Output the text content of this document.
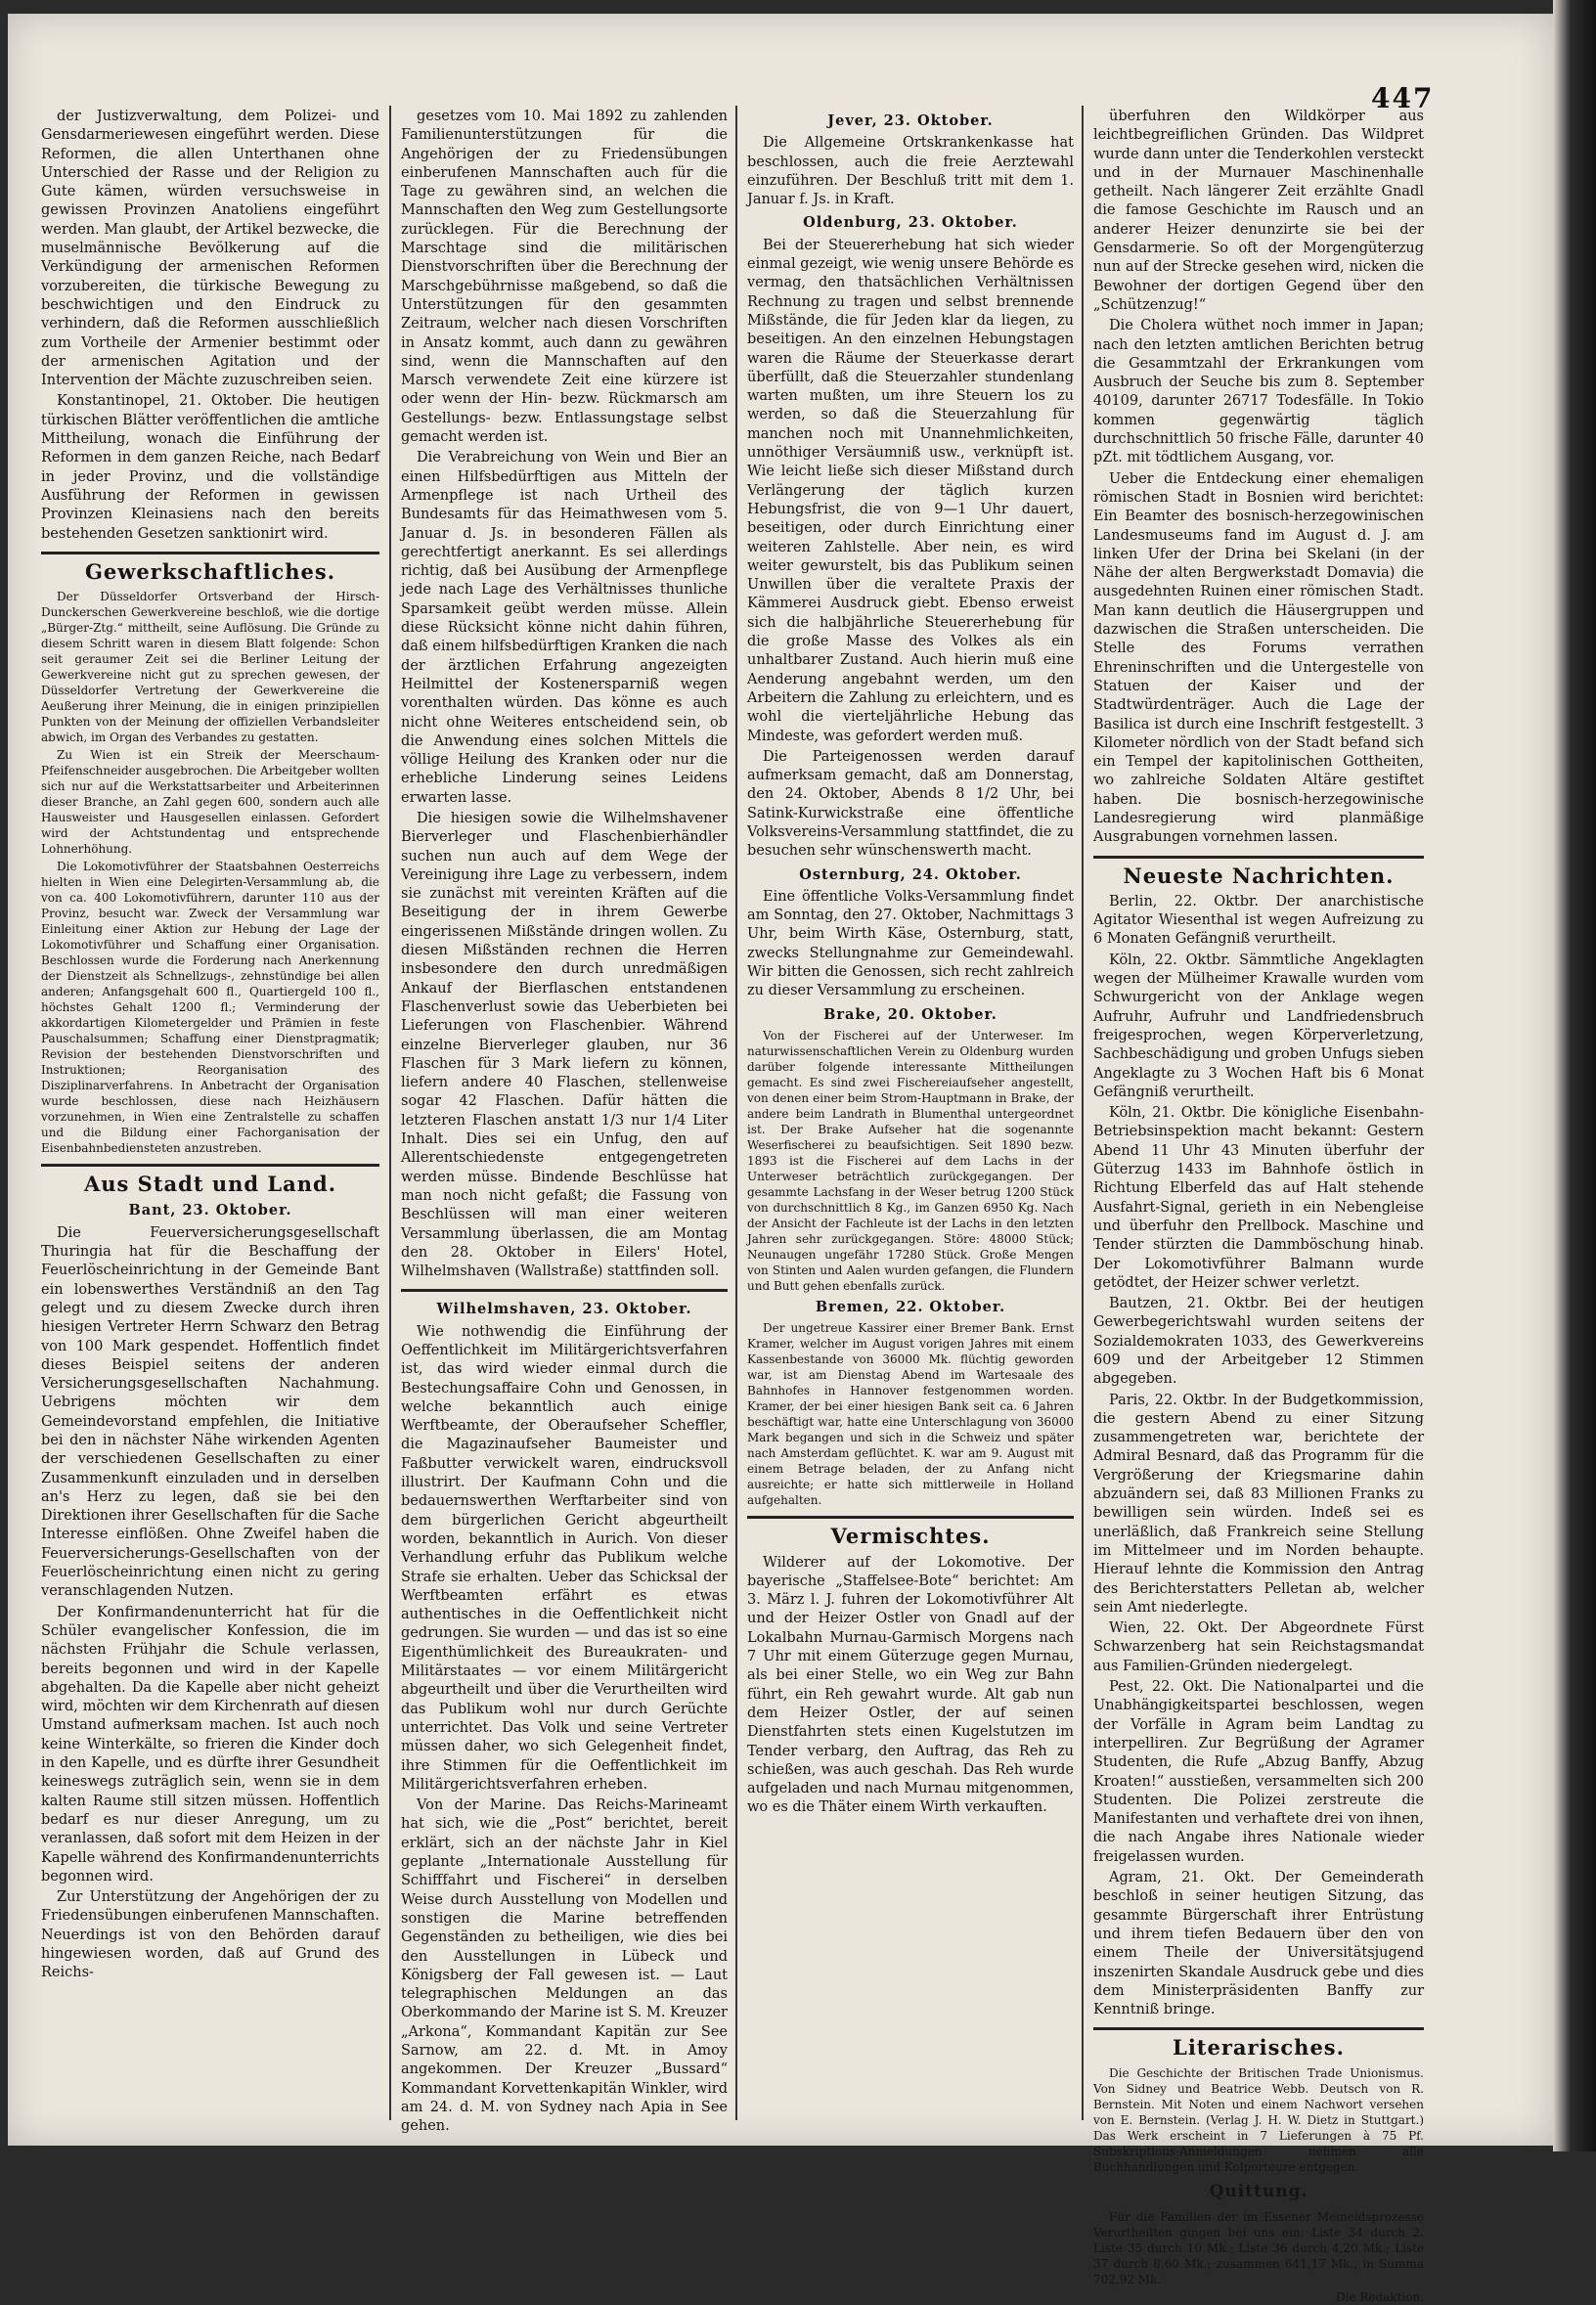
447

der Justizverwaltung, dem Polizei- und Gensdarmeriewesen eingeführt werden. Diese Reformen, die allen Unterthanen ohne Unterschied der Rasse und der Religion zu Gute kämen, würden versuchsweise in gewissen Provinzen Anatoliens eingeführt werden. Man glaubt, der Artikel bezwecke, die muselmännische Bevölkerung auf die Verkündigung der armenischen Reformen vorzubereiten, die türkische Bewegung zu beschwichtigen und den Eindruck zu verhindern, daß die Reformen ausschließlich zum Vortheile der Armenier bestimmt oder der armenischen Agitation und der Intervention der Mächte zuzuschreiben seien.

Konstantinopel, 21. Oktober. Die heutigen türkischen Blätter veröffentlichen die amtliche Mittheilung, wonach die Einführung der Reformen in dem ganzen Reiche, nach Bedarf in jeder Provinz, und die vollständige Ausführung der Reformen in gewissen Provinzen Kleinasiens nach den bereits bestehenden Gesetzen sanktionirt wird.

Gewerkschaftliches.

Der Düsseldorfer Ortsverband der Hirsch-Dunckerschen Gewerkvereine beschloß, wie die dortige „Bürger-Ztg.“ mittheilt, seine Auflösung. Die Gründe zu diesem Schritt waren in diesem Blatt folgende: Schon seit geraumer Zeit sei die Berliner Leitung der Gewerkvereine nicht gut zu sprechen gewesen, der Düsseldorfer Vertretung der Gewerkvereine die Aeußerung ihrer Meinung, die in einigen prinzipiellen Punkten von der Meinung der offiziellen Verbandsleiter abwich, im Organ des Verbandes zu gestatten.

Zu Wien ist ein Streik der Meerschaum-Pfeifenschneider ausgebrochen. Die Arbeitgeber wollten sich nur auf die Werkstattsarbeiter und Arbeiterinnen dieser Branche, an Zahl gegen 600, sondern auch alle Hausweister und Hausgesellen einlassen. Gefordert wird der Achtstundentag und entsprechende Lohnerhöhung.

Die Lokomotivführer der Staatsbahnen Oesterreichs hielten in Wien eine Delegirten-Versammlung ab, die von ca. 400 Lokomotivführern, darunter 110 aus der Provinz, besucht war. Zweck der Versammlung war Einleitung einer Aktion zur Hebung der Lage der Lokomotivführer und Schaffung einer Organisation. Beschlossen wurde die Forderung nach Anerkennung der Dienstzeit als Schnellzugs-, zehnstündige bei allen anderen; Anfangsgehalt 600 fl., Quartiergeld 100 fl., höchstes Gehalt 1200 fl.; Verminderung der akkordartigen Kilometergelder und Prämien in feste Pauschalsummen; Schaffung einer Dienstpragmatik; Revision der bestehenden Dienstvorschriften und Instruktionen; Reorganisation des Disziplinarverfahrens. In Anbetracht der Organisation wurde beschlossen, diese nach Heizhäusern vorzunehmen, in Wien eine Zentralstelle zu schaffen und die Bildung einer Fachorganisation der Eisenbahnbediensteten anzustreben.

Aus Stadt und Land.
Bant, 23. Oktober.

Die Feuerversicherungsgesellschaft Thuringia hat für die Beschaffung der Feuerlöscheinrichtung in der Gemeinde Bant ein lobenswerthes Verständniß an den Tag gelegt und zu diesem Zwecke durch ihren hiesigen Vertreter Herrn Schwarz den Betrag von 100 Mark gespendet. Hoffentlich findet dieses Beispiel seitens der anderen Versicherungsgesellschaften Nachahmung. Uebrigens möchten wir dem Gemeindevorstand empfehlen, die Initiative bei den in nächster Nähe wirkenden Agenten der verschiedenen Gesellschaften zu einer Zusammenkunft einzuladen und in derselben an's Herz zu legen, daß sie bei den Direktionen ihrer Gesellschaften für die Sache Interesse einflößen. Ohne Zweifel haben die Feuerversicherungs-Gesellschaften von der Feuerlöscheinrichtung einen nicht zu gering veranschlagenden Nutzen.

Der Konfirmandenunterricht hat für die Schüler evangelischer Konfession, die im nächsten Frühjahr die Schule verlassen, bereits begonnen und wird in der Kapelle abgehalten. Da die Kapelle aber nicht geheizt wird, möchten wir dem Kirchenrath auf diesen Umstand aufmerksam machen. Ist auch noch keine Winterkälte, so frieren die Kinder doch in den Kapelle, und es dürfte ihrer Gesundheit keineswegs zuträglich sein, wenn sie in dem kalten Raume still sitzen müssen. Hoffentlich bedarf es nur dieser Anregung, um zu veranlassen, daß sofort mit dem Heizen in der Kapelle während des Konfirmandenunterrichts begonnen wird.

Zur Unterstützung der Angehörigen der zu Friedensübungen einberufenen Mannschaften. Neuerdings ist von den Behörden darauf hingewiesen worden, daß auf Grund des Reichs-

gesetzes vom 10. Mai 1892 zu zahlenden Familienunterstützungen für die Angehörigen der zu Friedensübungen einberufenen Mannschaften auch für die Tage zu gewähren sind, an welchen die Mannschaften den Weg zum Gestellungsorte zurücklegen. Für die Berechnung der Marschtage sind die militärischen Dienstvorschriften über die Berechnung der Marschgebührnisse maßgebend, so daß die Unterstützungen für den gesammten Zeitraum, welcher nach diesen Vorschriften in Ansatz kommt, auch dann zu gewähren sind, wenn die Mannschaften auf den Marsch verwendete Zeit eine kürzere ist oder wenn der Hin- bezw. Rückmarsch am Gestellungs- bezw. Entlassungstage selbst gemacht werden ist.

Die Verabreichung von Wein und Bier an einen Hilfsbedürftigen aus Mitteln der Armenpflege ist nach Urtheil des Bundesamts für das Heimathwesen vom 5. Januar d. Js. in besonderen Fällen als gerechtfertigt anerkannt. Es sei allerdings richtig, daß bei Ausübung der Armenpflege jede nach Lage des Verhältnisses thunliche Sparsamkeit geübt werden müsse. Allein diese Rücksicht könne nicht dahin führen, daß einem hilfsbedürftigen Kranken die nach der ärztlichen Erfahrung angezeigten Heilmittel der Kostenersparniß wegen vorenthalten würden. Das könne es auch nicht ohne Weiteres entscheidend sein, ob die Anwendung eines solchen Mittels die völlige Heilung des Kranken oder nur die erhebliche Linderung seines Leidens erwarten lasse.

Die hiesigen sowie die Wilhelmshavener Bierverleger und Flaschenbierhändler suchen nun auch auf dem Wege der Vereinigung ihre Lage zu verbessern, indem sie zunächst mit vereinten Kräften auf die Beseitigung der in ihrem Gewerbe eingerissenen Mißstände dringen wollen. Zu diesen Mißständen rechnen die Herren insbesondere den durch unredmäßigen Ankauf der Bierflaschen entstandenen Flaschenverlust sowie das Ueberbieten bei Lieferungen von Flaschenbier. Während einzelne Bierverleger glauben, nur 36 Flaschen für 3 Mark liefern zu können, liefern andere 40 Flaschen, stellenweise sogar 42 Flaschen. Dafür hätten die letzteren Flaschen anstatt 1/3 nur 1/4 Liter Inhalt. Dies sei ein Unfug, den auf Allerentschiedenste entgegengetreten werden müsse. Bindende Beschlüsse hat man noch nicht gefaßt; die Fassung von Beschlüssen will man einer weiteren Versammlung überlassen, die am Montag den 28. Oktober in Eilers' Hotel, Wilhelmshaven (Wallstraße) stattfinden soll.

Wilhelmshaven, 23. Oktober.

Wie nothwendig die Einführung der Oeffentlichkeit im Militärgerichtsverfahren ist, das wird wieder einmal durch die Bestechungsaffaire Cohn und Genossen, in welche bekanntlich auch einige Werftbeamte, der Oberaufseher Scheffler, die Magazinaufseher Baumeister und Faßbutter verwickelt waren, eindrucksvoll illustrirt. Der Kaufmann Cohn und die bedauernswerthen Werftarbeiter sind von dem bürgerlichen Gericht abgeurtheilt worden, bekanntlich in Aurich. Von dieser Verhandlung erfuhr das Publikum welche Strafe sie erhalten. Ueber das Schicksal der Werftbeamten erfährt es etwas authentisches in die Oeffentlichkeit nicht gedrungen. Sie wurden — und das ist so eine Eigenthümlichkeit des Bureaukraten- und Militärstaates — vor einem Militärgericht abgeurtheilt und über die Verurtheilten wird das Publikum wohl nur durch Gerüchte unterrichtet. Das Volk und seine Vertreter müssen daher, wo sich Gelegenheit findet, ihre Stimmen für die Oeffentlichkeit im Militärgerichtsverfahren erheben.

Von der Marine. Das Reichs-Marineamt hat sich, wie die „Post“ berichtet, bereit erklärt, sich an der nächste Jahr in Kiel geplante „Internationale Ausstellung für Schifffahrt und Fischerei“ in derselben Weise durch Ausstellung von Modellen und sonstigen die Marine betreffenden Gegenständen zu betheiligen, wie dies bei den Ausstellungen in Lübeck und Königsberg der Fall gewesen ist. — Laut telegraphischen Meldungen an das Oberkommando der Marine ist S. M. Kreuzer „Arkona“, Kommandant Kapitän zur See Sarnow, am 22. d. Mt. in Amoy angekommen. Der Kreuzer „Bussard“ Kommandant Korvettenkapitän Winkler, wird am 24. d. M. von Sydney nach Apia in See gehen.

Jever, 23. Oktober.

Die Allgemeine Ortskrankenkasse hat beschlossen, auch die freie Aerztewahl einzuführen. Der Beschluß tritt mit dem 1. Januar f. Js. in Kraft.

Oldenburg, 23. Oktober.

Bei der Steuererhebung hat sich wieder einmal gezeigt, wie wenig unsere Behörde es vermag, den thatsächlichen Verhältnissen Rechnung zu tragen und selbst brennende Mißstände, die für Jeden klar da liegen, zu beseitigen. An den einzelnen Hebungstagen waren die Räume der Steuerkasse derart überfüllt, daß die Steuerzahler stundenlang warten mußten, um ihre Steuern los zu werden, so daß die Steuerzahlung für manchen noch mit Unannehmlichkeiten, unnöthiger Versäumniß usw., verknüpft ist. Wie leicht ließe sich dieser Mißstand durch Verlängerung der täglich kurzen Hebungsfrist, die von 9—1 Uhr dauert, beseitigen, oder durch Einrichtung einer weiteren Zahlstelle. Aber nein, es wird weiter gewurstelt, bis das Publikum seinen Unwillen über die veraltete Praxis der Kämmerei Ausdruck giebt. Ebenso erweist sich die halbjährliche Steuererhebung für die große Masse des Volkes als ein unhaltbarer Zustand. Auch hierin muß eine Aenderung angebahnt werden, um den Arbeitern die Zahlung zu erleichtern, und es wohl die vierteljährliche Hebung das Mindeste, was gefordert werden muß.

Die Parteigenossen werden darauf aufmerksam gemacht, daß am Donnerstag, den 24. Oktober, Abends 8 1/2 Uhr, bei Satink-Kurwickstraße eine öffentliche Volksvereins-Versammlung stattfindet, die zu besuchen sehr wünschenswerth macht.

Osternburg, 24. Oktober.

Eine öffentliche Volks-Versammlung findet am Sonntag, den 27. Oktober, Nachmittags 3 Uhr, beim Wirth Käse, Osternburg, statt, zwecks Stellungnahme zur Gemeindewahl. Wir bitten die Genossen, sich recht zahlreich zu dieser Versammlung zu erscheinen.

Brake, 20. Oktober.

Von der Fischerei auf der Unterweser. Im naturwissenschaftlichen Verein zu Oldenburg wurden darüber folgende interessante Mittheilungen gemacht. Es sind zwei Fischereiaufseher angestellt, von denen einer beim Strom-Hauptmann in Brake, der andere beim Landrath in Blumenthal untergeordnet ist. Der Brake Aufseher hat die sogenannte Weserfischerei zu beaufsichtigen. Seit 1890 bezw. 1893 ist die Fischerei auf dem Lachs in der Unterweser beträchtlich zurückgegangen. Der gesammte Lachsfang in der Weser betrug 1200 Stück von durchschnittlich 8 Kg., im Ganzen 6950 Kg. Nach der Ansicht der Fachleute ist der Lachs in den letzten Jahren sehr zurückgegangen. Störe: 48000 Stück; Neunaugen ungefähr 17280 Stück. Große Mengen von Stinten und Aalen wurden gefangen, die Flundern und Butt gehen ebenfalls zurück.

Bremen, 22. Oktober.

Der ungetreue Kassirer einer Bremer Bank. Ernst Kramer, welcher im August vorigen Jahres mit einem Kassenbestande von 36000 Mk. flüchtig geworden war, ist am Dienstag Abend im Wartesaale des Bahnhofes in Hannover festgenommen worden. Kramer, der bei einer hiesigen Bank seit ca. 6 Jahren beschäftigt war, hatte eine Unterschlagung von 36000 Mark begangen und sich in die Schweiz und später nach Amsterdam geflüchtet. K. war am 9. August mit einem Betrage beladen, der zu Anfang nicht ausreichte; er hatte sich mittlerweile in Holland aufgehalten.

Vermischtes.

Wilderer auf der Lokomotive. Der bayerische „Staffelsee-Bote“ berichtet: Am 3. März l. J. fuhren der Lokomotivführer Alt und der Heizer Ostler von Gnadl auf der Lokalbahn Murnau-Garmisch Morgens nach 7 Uhr mit einem Güterzuge gegen Murnau, als bei einer Stelle, wo ein Weg zur Bahn führt, ein Reh gewahrt wurde. Alt gab nun dem Heizer Ostler, der auf seinen Dienstfahrten stets einen Kugelstutzen im Tender verbarg, den Auftrag, das Reh zu schießen, was auch geschah. Das Reh wurde aufgeladen und nach Murnau mitgenommen, wo es die Thäter einem Wirth verkauften.

überfuhren den Wildkörper aus leichtbegreiflichen Gründen. Das Wildpret wurde dann unter die Tenderkohlen versteckt und in der Murnauer Maschinenhalle getheilt. Nach längerer Zeit erzählte Gnadl die famose Geschichte im Rausch und an anderer Heizer denunzirte sie bei der Gensdarmerie. So oft der Morgengüterzug nun auf der Strecke gesehen wird, nicken die Bewohner der dortigen Gegend über den „Schützenzug!“

Die Cholera wüthet noch immer in Japan; nach den letzten amtlichen Berichten betrug die Gesammtzahl der Erkrankungen vom Ausbruch der Seuche bis zum 8. September 40109, darunter 26717 Todesfälle. In Tokio kommen gegenwärtig täglich durchschnittlich 50 frische Fälle, darunter 40 pZt. mit tödtlichem Ausgang, vor.

Ueber die Entdeckung einer ehemaligen römischen Stadt in Bosnien wird berichtet: Ein Beamter des bosnisch-herzegowinischen Landesmuseums fand im August d. J. am linken Ufer der Drina bei Skelani (in der Nähe der alten Bergwerkstadt Domavia) die ausgedehnten Ruinen einer römischen Stadt. Man kann deutlich die Häusergruppen und dazwischen die Straßen unterscheiden. Die Stelle des Forums verrathen Ehreninschriften und die Untergestelle von Statuen der Kaiser und der Stadtwürdenträger. Auch die Lage der Basilica ist durch eine Inschrift festgestellt. 3 Kilometer nördlich von der Stadt befand sich ein Tempel der kapitolinischen Gottheiten, wo zahlreiche Soldaten Altäre gestiftet haben. Die bosnisch-herzegowinische Landesregierung wird planmäßige Ausgrabungen vornehmen lassen.

Neueste Nachrichten.

Berlin, 22. Oktbr. Der anarchistische Agitator Wiesenthal ist wegen Aufreizung zu 6 Monaten Gefängniß verurtheilt.

Köln, 22. Oktbr. Sämmtliche Angeklagten wegen der Mülheimer Krawalle wurden vom Schwurgericht von der Anklage wegen Aufruhr, Aufruhr und Landfriedensbruch freigesprochen, wegen Körperverletzung, Sachbeschädigung und groben Unfugs sieben Angeklagte zu 3 Wochen Haft bis 6 Monat Gefängniß verurtheilt.

Köln, 21. Oktbr. Die königliche Eisenbahn-Betriebsinspektion macht bekannt: Gestern Abend 11 Uhr 43 Minuten überfuhr der Güterzug 1433 im Bahnhofe östlich in Richtung Elberfeld das auf Halt stehende Ausfahrt-Signal, gerieth in ein Nebengleise und überfuhr den Prellbock. Maschine und Tender stürzten die Dammböschung hinab. Der Lokomotivführer Balmann wurde getödtet, der Heizer schwer verletzt.

Bautzen, 21. Oktbr. Bei der heutigen Gewerbegerichtswahl wurden seitens der Sozialdemokraten 1033, des Gewerkvereins 609 und der Arbeitgeber 12 Stimmen abgegeben.

Paris, 22. Oktbr. In der Budgetkommission, die gestern Abend zu einer Sitzung zusammengetreten war, berichtete der Admiral Besnard, daß das Programm für die Vergrößerung der Kriegsmarine dahin abzuändern sei, daß 83 Millionen Franks zu bewilligen sein würden. Indeß sei es unerläßlich, daß Frankreich seine Stellung im Mittelmeer und im Norden behaupte. Hierauf lehnte die Kommission den Antrag des Berichterstatters Pelletan ab, welcher sein Amt niederlegte.

Wien, 22. Okt. Der Abgeordnete Fürst Schwarzenberg hat sein Reichstagsmandat aus Familien-Gründen niedergelegt.

Pest, 22. Okt. Die Nationalpartei und die Unabhängigkeitspartei beschlossen, wegen der Vorfälle in Agram beim Landtag zu interpelliren. Zur Begrüßung der Agramer Studenten, die Rufe „Abzug Banffy, Abzug Kroaten!“ ausstießen, versammelten sich 200 Studenten. Die Polizei zerstreute die Manifestanten und verhaftete drei von ihnen, die nach Angabe ihres Nationale wieder freigelassen wurden.

Agram, 21. Okt. Der Gemeinderath beschloß in seiner heutigen Sitzung, das gesammte Bürgerschaft ihrer Entrüstung und ihrem tiefen Bedauern über den von einem Theile der Universitätsjugend inszenirten Skandale Ausdruck gebe und dies dem Ministerpräsidenten Banffy zur Kenntniß bringe.

Literarisches.

Die Geschichte der Britischen Trade Unionismus. Von Sidney und Beatrice Webb. Deutsch von R. Bernstein. Mit Noten und einem Nachwort versehen von E. Bernstein. (Verlag J. H. W. Dietz in Stuttgart.) Das Werk erscheint in 7 Lieferungen à 75 Pf. Subskriptions-Anmeldungen nehmen alle Buchhandlungen und Kolporteure entgegen.

Quittung.

Für die Familien der im Essener Meineidsprozesse Verurtheilten gingen bei uns ein: Liste 34 durch 2. Liste 35 durch 10 Mk.; Liste 36 durch 4,20 Mk.; Liste 37 durch 8,60 Mk.; zusammen 641,17 Mk., in Summa 702,92 Mk.

Die Redaktion.
